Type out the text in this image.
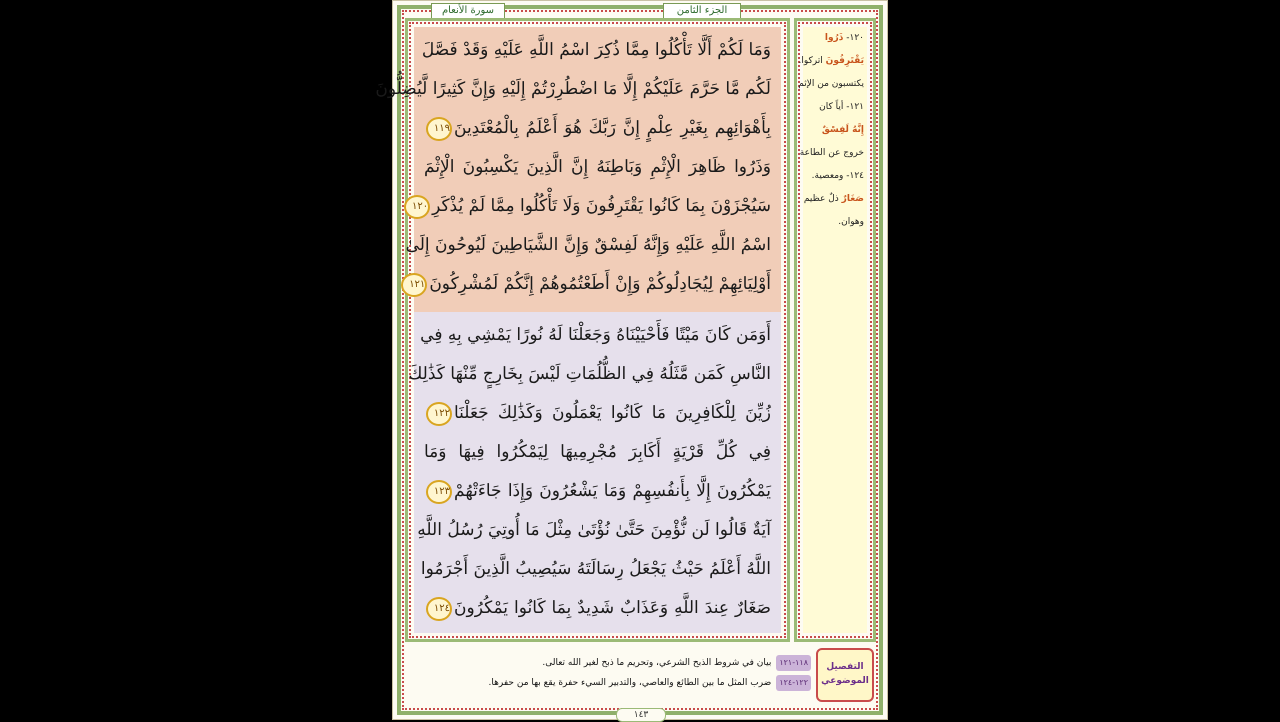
سورة الأنعام	الجزء الثامن
وَمَا لَكُمْ أَلَّا تَأْكُلُوا مِمَّا ذُكِرَ اسْمُ اللَّهِ عَلَيْهِ وَقَدْ فَصَّلَ
لَكُم مَّا حَرَّمَ عَلَيْكُمْ إِلَّا مَا اضْطُرِرْتُمْ إِلَيْهِ وَإِنَّ كَثِيرًا لَّيُضِلُّونَ
بِأَهْوَائِهِم بِغَيْرِ عِلْمٍ إِنَّ رَبَّكَ هُوَ أَعْلَمُ بِالْمُعْتَدِينَ١١٩
وَذَرُوا ظَاهِرَ الْإِثْمِ وَبَاطِنَهُ إِنَّ الَّذِينَ يَكْسِبُونَ الْإِثْمَ
سَيُجْزَوْنَ بِمَا كَانُوا يَقْتَرِفُونَ وَلَا تَأْكُلُوا مِمَّا لَمْ يُذْكَرِ١٢٠
اسْمُ اللَّهِ عَلَيْهِ وَإِنَّهُ لَفِسْقٌ وَإِنَّ الشَّيَاطِينَ لَيُوحُونَ إِلَىٰ
أَوْلِيَائِهِمْ لِيُجَادِلُوكُمْ وَإِنْ أَطَعْتُمُوهُمْ إِنَّكُمْ لَمُشْرِكُونَ١٢١
أَوَمَن كَانَ مَيْتًا فَأَحْيَيْنَاهُ وَجَعَلْنَا لَهُ نُورًا يَمْشِي بِهِ فِي
النَّاسِ كَمَن مَّثَلُهُ فِي الظُّلُمَاتِ لَيْسَ بِخَارِجٍ مِّنْهَا كَذَٰلِكَ
زُيِّنَ لِلْكَافِرِينَ مَا كَانُوا يَعْمَلُونَ وَكَذَٰلِكَ جَعَلْنَا١٢٢
فِي كُلِّ قَرْيَةٍ أَكَابِرَ مُجْرِمِيهَا لِيَمْكُرُوا فِيهَا وَمَا
يَمْكُرُونَ إِلَّا بِأَنفُسِهِمْ وَمَا يَشْعُرُونَ وَإِذَا جَاءَتْهُمْ١٢٣
آيَةٌ قَالُوا لَن نُّؤْمِنَ حَتَّىٰ نُؤْتَىٰ مِثْلَ مَا أُوتِيَ رُسُلُ اللَّهِ
اللَّهُ أَعْلَمُ حَيْثُ يَجْعَلُ رِسَالَتَهُ سَيُصِيبُ الَّذِينَ أَجْرَمُوا
صَغَارٌ عِندَ اللَّهِ وَعَذَابٌ شَدِيدٌ بِمَا كَانُوا يَمْكُرُونَ١٢٤
١٢٠- ذَرُوا
يَقْتَرِفُونَ اتركوا.
يكتسبون من الإثم
١٢١- أياً كان
إِنَّهُ لَفِسْقٌ
خروج عن الطاعة
١٢٤- ومعصية.
صَغَارٌ ذلٌ عظيم
وهوان.
١١٨-١٢١بيان في شروط الذبح الشرعي، وتحريم ما ذبح لغير الله تعالى.
١٢٢-١٢٤ضرب المثل ما بين الطائع والعاصي، والتدبير السيء حفرة يقع بها من حفرها.
التفصيل
الموضوعي
١٤٣
